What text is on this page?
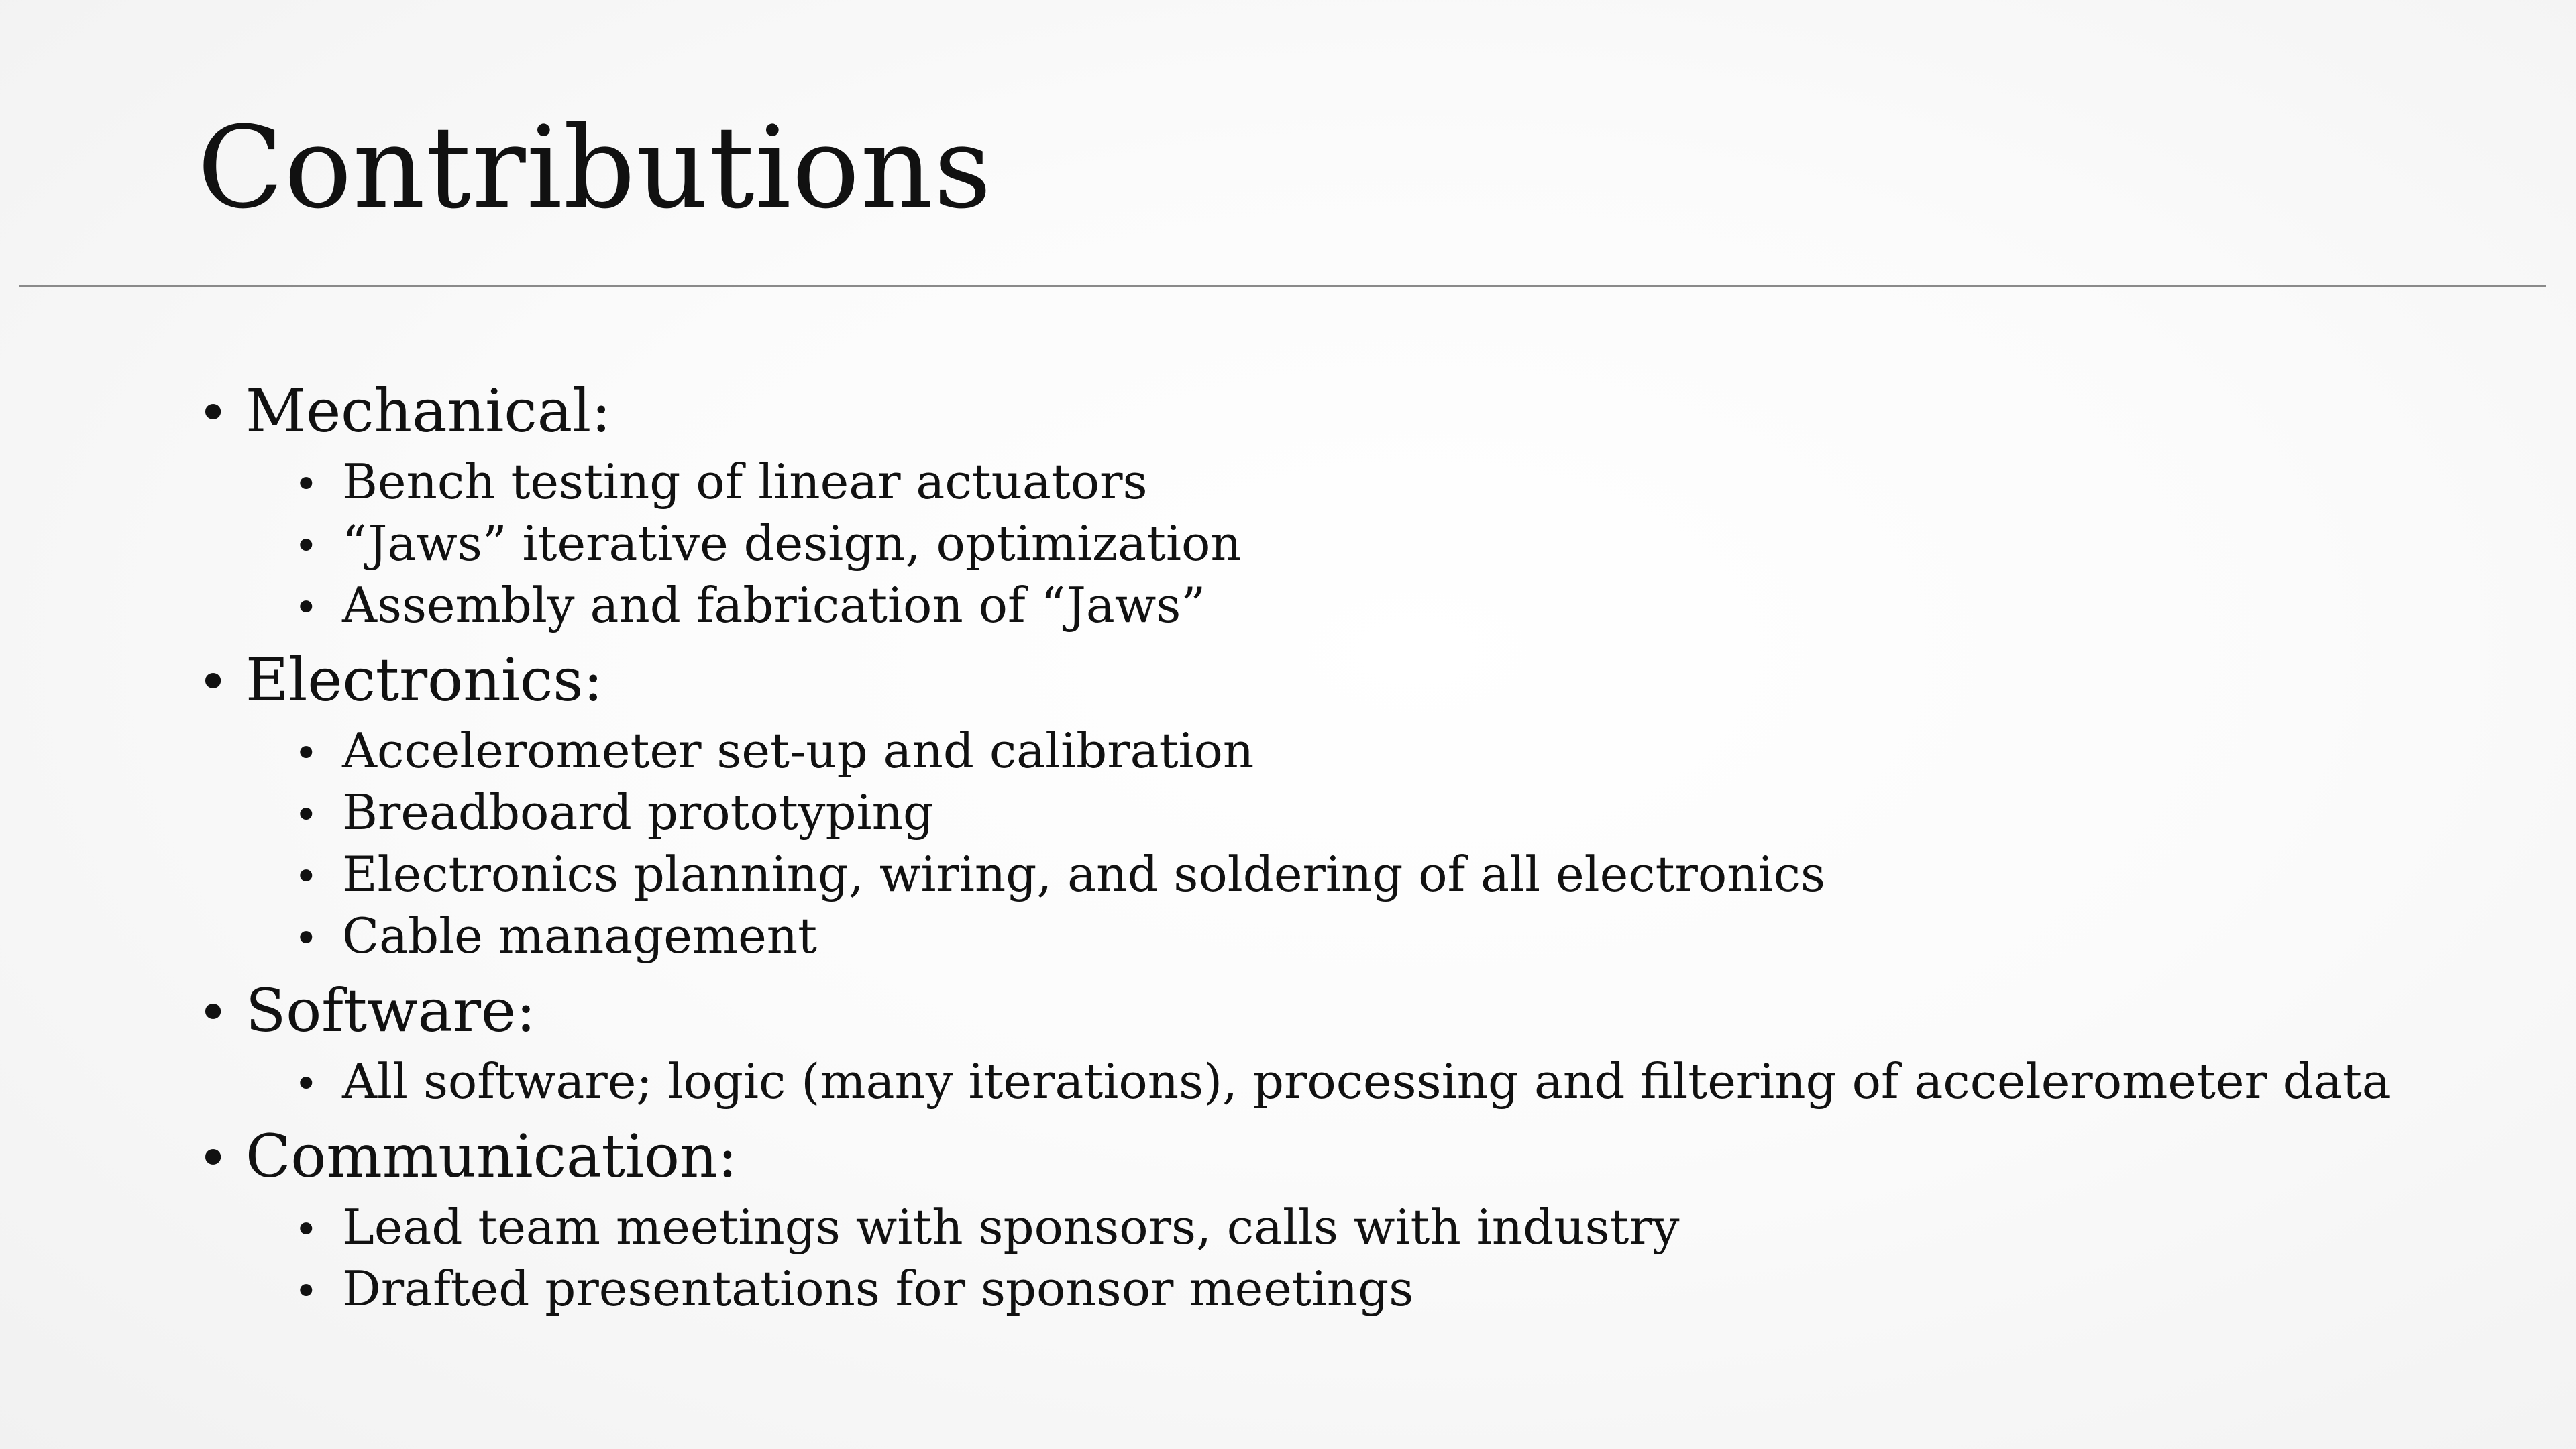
Contributions
• Mechanical:
• Bench testing of linear actuators
• “Jaws” iterative design, optimization
• Assembly and fabrication of “Jaws”
• Electronics:
• Accelerometer set-up and calibration
• Breadboard prototyping
• Electronics planning, wiring, and soldering of all electronics
• Cable management
• Software:
• All software; logic (many iterations), processing and filtering of accelerometer data
• Communication:
• Lead team meetings with sponsors, calls with industry
• Drafted presentations for sponsor meetings
